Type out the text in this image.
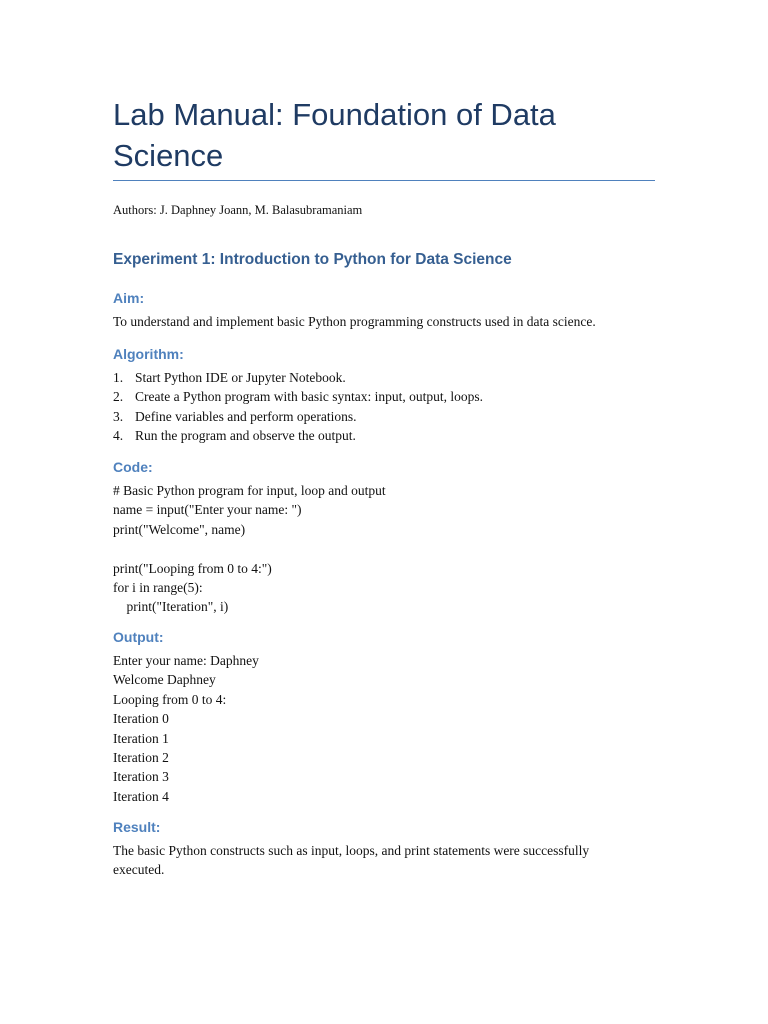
Lab Manual: Foundation of Data Science
Authors: J. Daphney Joann, M. Balasubramaniam
Experiment 1: Introduction to Python for Data Science
Aim:

To understand and implement basic Python programming constructs used in data science.

Algorithm:
1. Start Python IDE or Jupyter Notebook.
2. Create a Python program with basic syntax: input, output, loops.
3. Define variables and perform operations.
4. Run the program and observe the output.
Code:
# Basic Python program for input, loop and output
name = input("Enter your name: ")
print("Welcome", name)
print("Looping from 0 to 4:")
for i in range(5):
print("Iteration", i)
Output:
Enter your name: Daphney
Welcome Daphney
Looping from 0 to 4:
Iteration 0
Iteration 1
Iteration 2
Iteration 3
Iteration 4
Result:

The basic Python constructs such as input, loops, and print statements were successfully executed.
